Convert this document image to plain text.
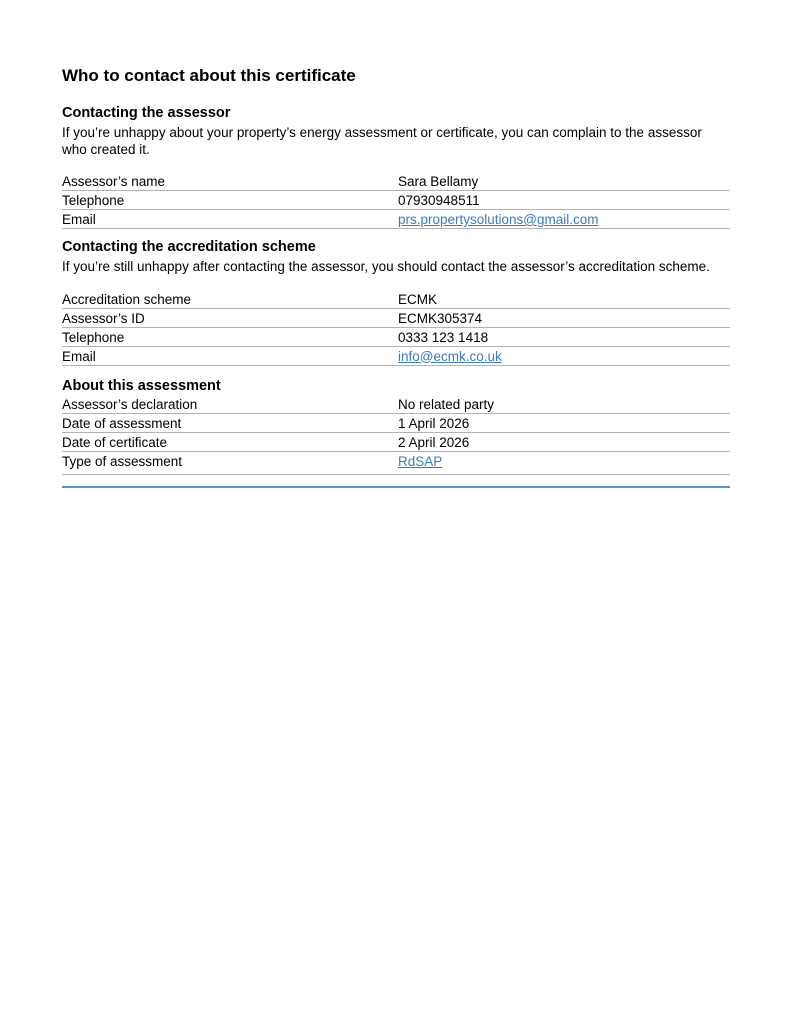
Who to contact about this certificate
Contacting the assessor

If you’re unhappy about your property’s energy assessment or certificate, you can complain to the assessor who created it.

Assessor’s name	Sara Bellamy
Telephone	07930948511
Email	prs.propertysolutions@gmail.com
Contacting the accreditation scheme

If you’re still unhappy after contacting the assessor, you should contact the assessor’s accreditation scheme.

Accreditation scheme	ECMK
Assessor’s ID	ECMK305374
Telephone	0333 123 1418
Email	info@ecmk.co.uk
About this assessment
Assessor’s declaration	No related party
Date of assessment	1 April 2026
Date of certificate	2 April 2026
Type of assessment	RdSAP
